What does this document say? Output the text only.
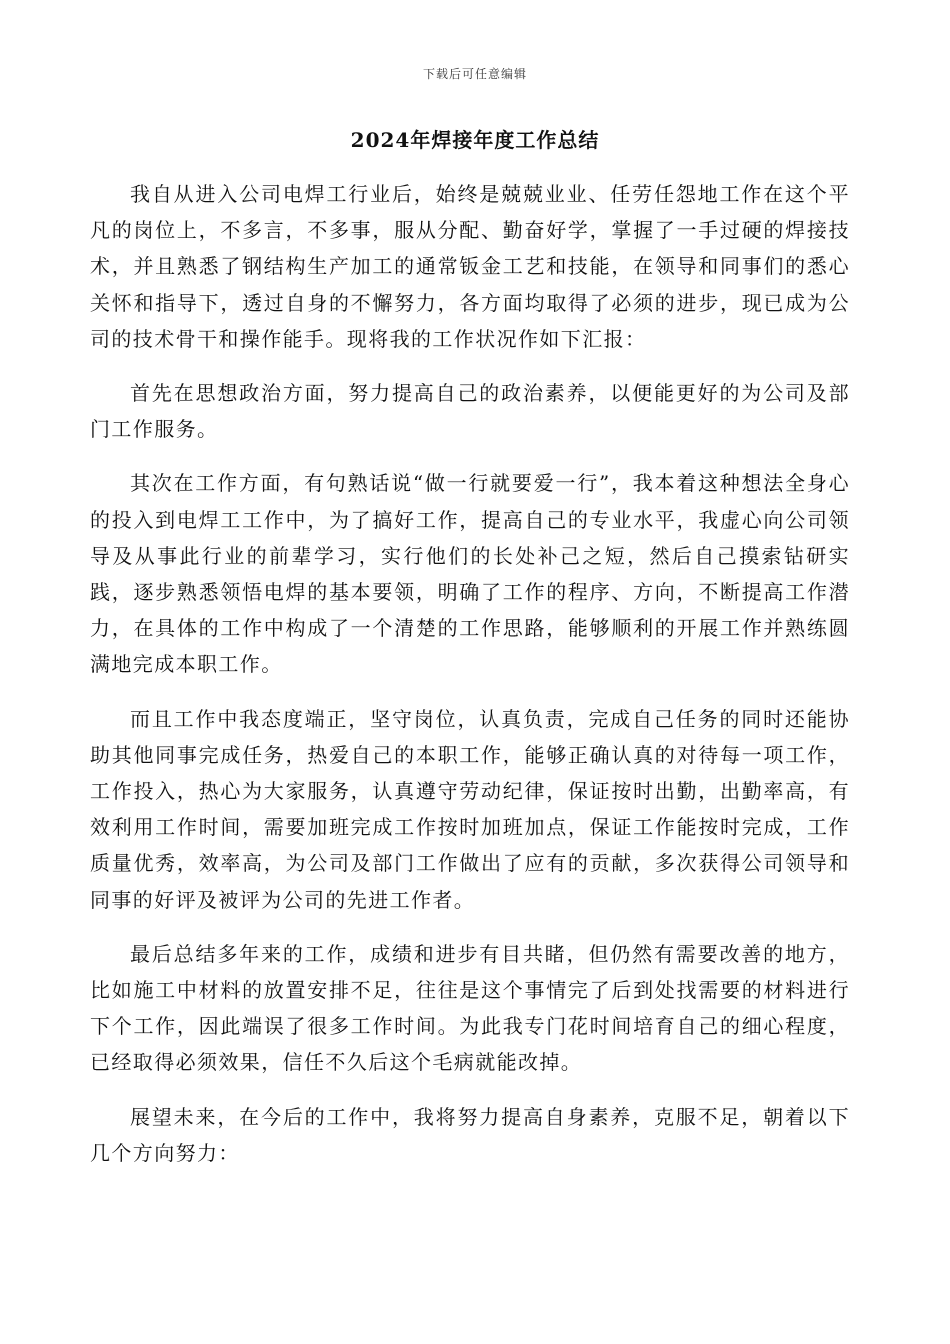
下载后可任意编辑
2024年焊接年度工作总结

我自从进入公司电焊工行业后，始终是兢兢业业、任劳任怨地工作在这个平凡的岗位上，不多言，不多事，服从分配、勤奋好学，掌握了一手过硬的焊接技术，并且熟悉了钢结构生产加工的通常钣金工艺和技能，在领导和同事们的悉心关怀和指导下，透过自身的不懈努力，各方面均取得了必须的进步，现已成为公司的技术骨干和操作能手。现将我的工作状况作如下汇报：

首先在思想政治方面，努力提高自己的政治素养，以便能更好的为公司及部门工作服务。

其次在工作方面，有句熟话说“做一行就要爱一行”，我本着这种想法全身心的投入到电焊工工作中，为了搞好工作，提高自己的专业水平，我虚心向公司领导及从事此行业的前辈学习，实行他们的长处补己之短，然后自己摸索钻研实践，逐步熟悉领悟电焊的基本要领，明确了工作的程序、方向，不断提高工作潜力，在具体的工作中构成了一个清楚的工作思路，能够顺利的开展工作并熟练圆满地完成本职工作。

而且工作中我态度端正，坚守岗位，认真负责，完成自己任务的同时还能协助其他同事完成任务，热爱自己的本职工作，能够正确认真的对待每一项工作，工作投入，热心为大家服务，认真遵守劳动纪律，保证按时出勤，出勤率高，有效利用工作时间，需要加班完成工作按时加班加点，保证工作能按时完成，工作质量优秀，效率高，为公司及部门工作做出了应有的贡献，多次获得公司领导和同事的好评及被评为公司的先进工作者。

最后总结多年来的工作，成绩和进步有目共睹，但仍然有需要改善的地方，比如施工中材料的放置安排不足，往往是这个事情完了后到处找需要的材料进行下个工作，因此端误了很多工作时间。为此我专门花时间培育自己的细心程度，已经取得必须效果，信任不久后这个毛病就能改掉。

展望未来，在今后的工作中，我将努力提高自身素养，克服不足，朝着以下几个方向努力：
